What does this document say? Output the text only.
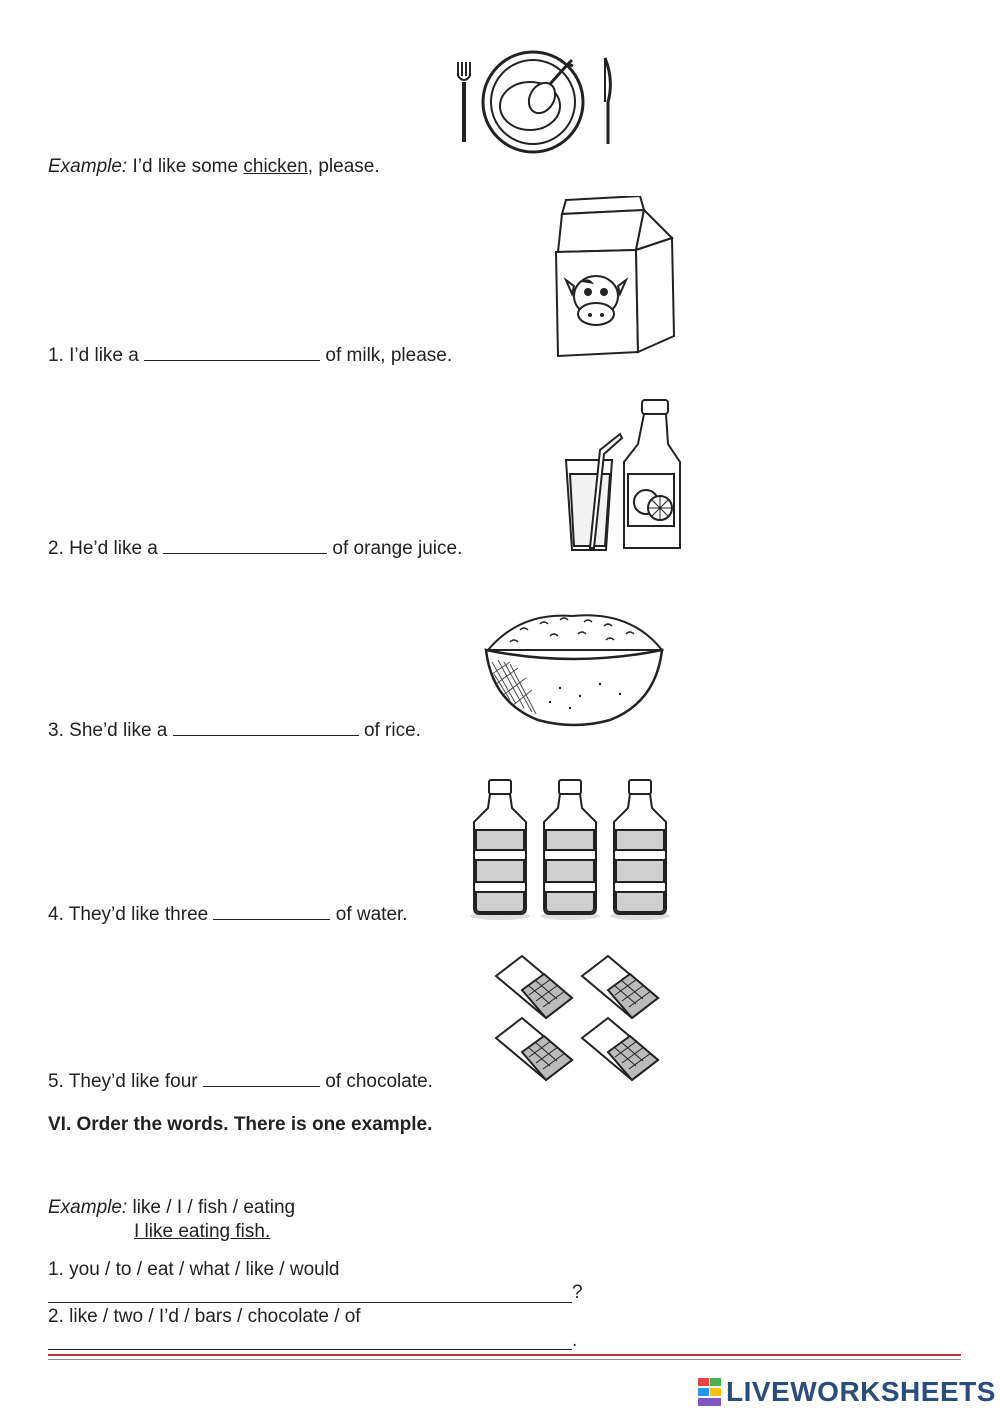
Example: I’d like some chicken, please.
1. I’d like a	of milk, please.
2. He’d like a	of orange juice.
3. She’d like a	of rice.
4. They’d like three	of water.
5. They’d like four	of chocolate.
VI. Order the words. There is one example.
Example: like / I / fish / eating
I like eating fish.
1. you / to / eat / what / like / would
?
2. like / two / I’d / bars / chocolate / of
.
LIVEWORKSHEETS
